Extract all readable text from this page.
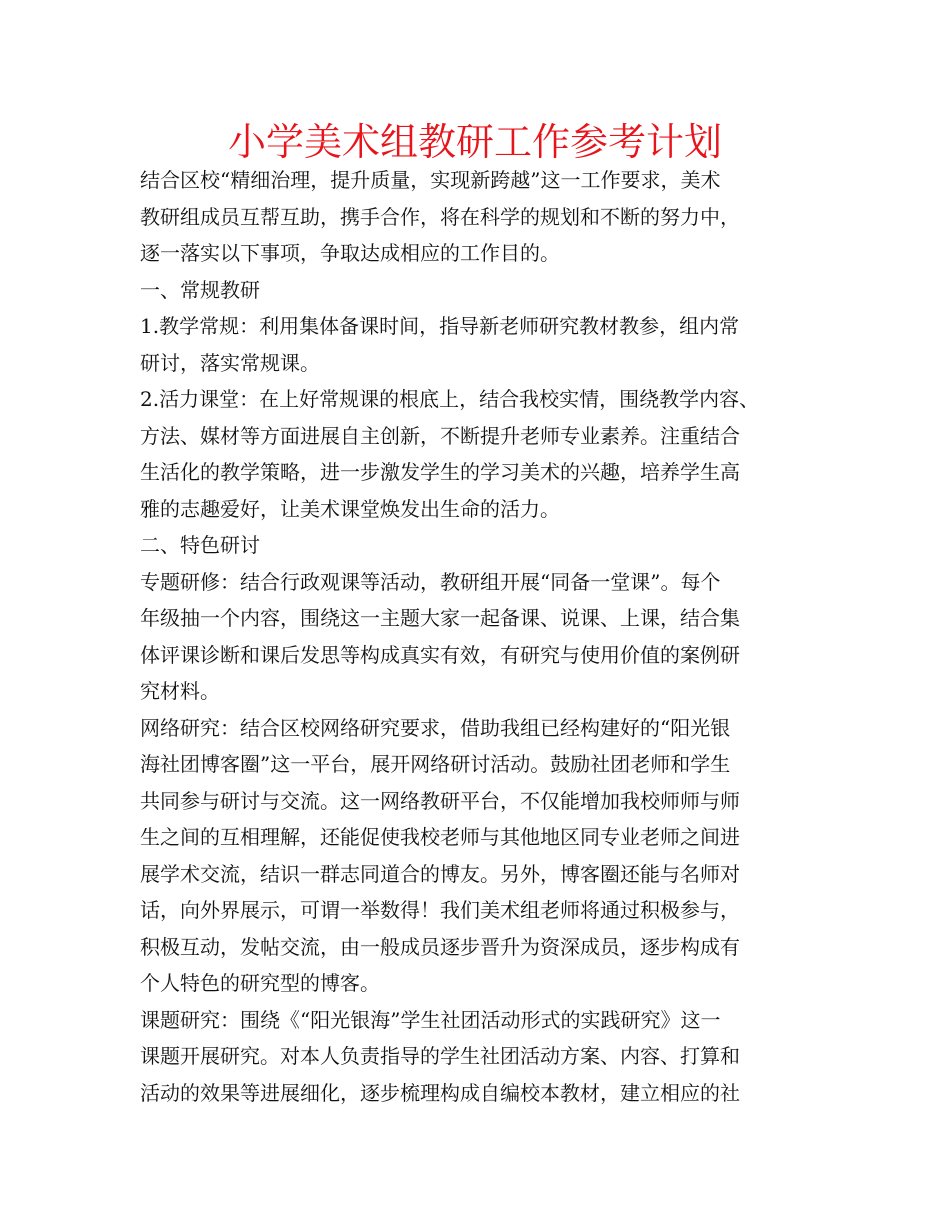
小学美术组教研工作参考计划
结合区校“精细治理，提升质量，实现新跨越”这一工作要求，美术
教研组成员互帮互助，携手合作，将在科学的规划和不断的努力中，
逐一落实以下事项，争取达成相应的工作目的。
一、常规教研
1.教学常规：利用集体备课时间，指导新老师研究教材教参，组内常
研讨，落实常规课。
2.活力课堂：在上好常规课的根底上，结合我校实情，围绕教学内容、
方法、媒材等方面进展自主创新，不断提升老师专业素养。注重结合
生活化的教学策略，进一步激发学生的学习美术的兴趣，培养学生高
雅的志趣爱好，让美术课堂焕发出生命的活力。
二、特色研讨
专题研修：结合行政观课等活动，教研组开展“同备一堂课”。每个
年级抽一个内容，围绕这一主题大家一起备课、说课、上课，结合集
体评课诊断和课后发思等构成真实有效，有研究与使用价值的案例研
究材料。
网络研究：结合区校网络研究要求，借助我组已经构建好的“阳光银
海社团博客圈”这一平台，展开网络研讨活动。鼓励社团老师和学生
共同参与研讨与交流。这一网络教研平台，不仅能增加我校师师与师
生之间的互相理解，还能促使我校老师与其他地区同专业老师之间进
展学术交流，结识一群志同道合的博友。另外，博客圈还能与名师对
话，向外界展示，可谓一举数得！我们美术组老师将通过积极参与，
积极互动，发帖交流，由一般成员逐步晋升为资深成员，逐步构成有
个人特色的研究型的博客。
课题研究：围绕《“阳光银海”学生社团活动形式的实践研究》这一
课题开展研究。对本人负责指导的学生社团活动方案、内容、打算和
活动的效果等进展细化，逐步梳理构成自编校本教材，建立相应的社
